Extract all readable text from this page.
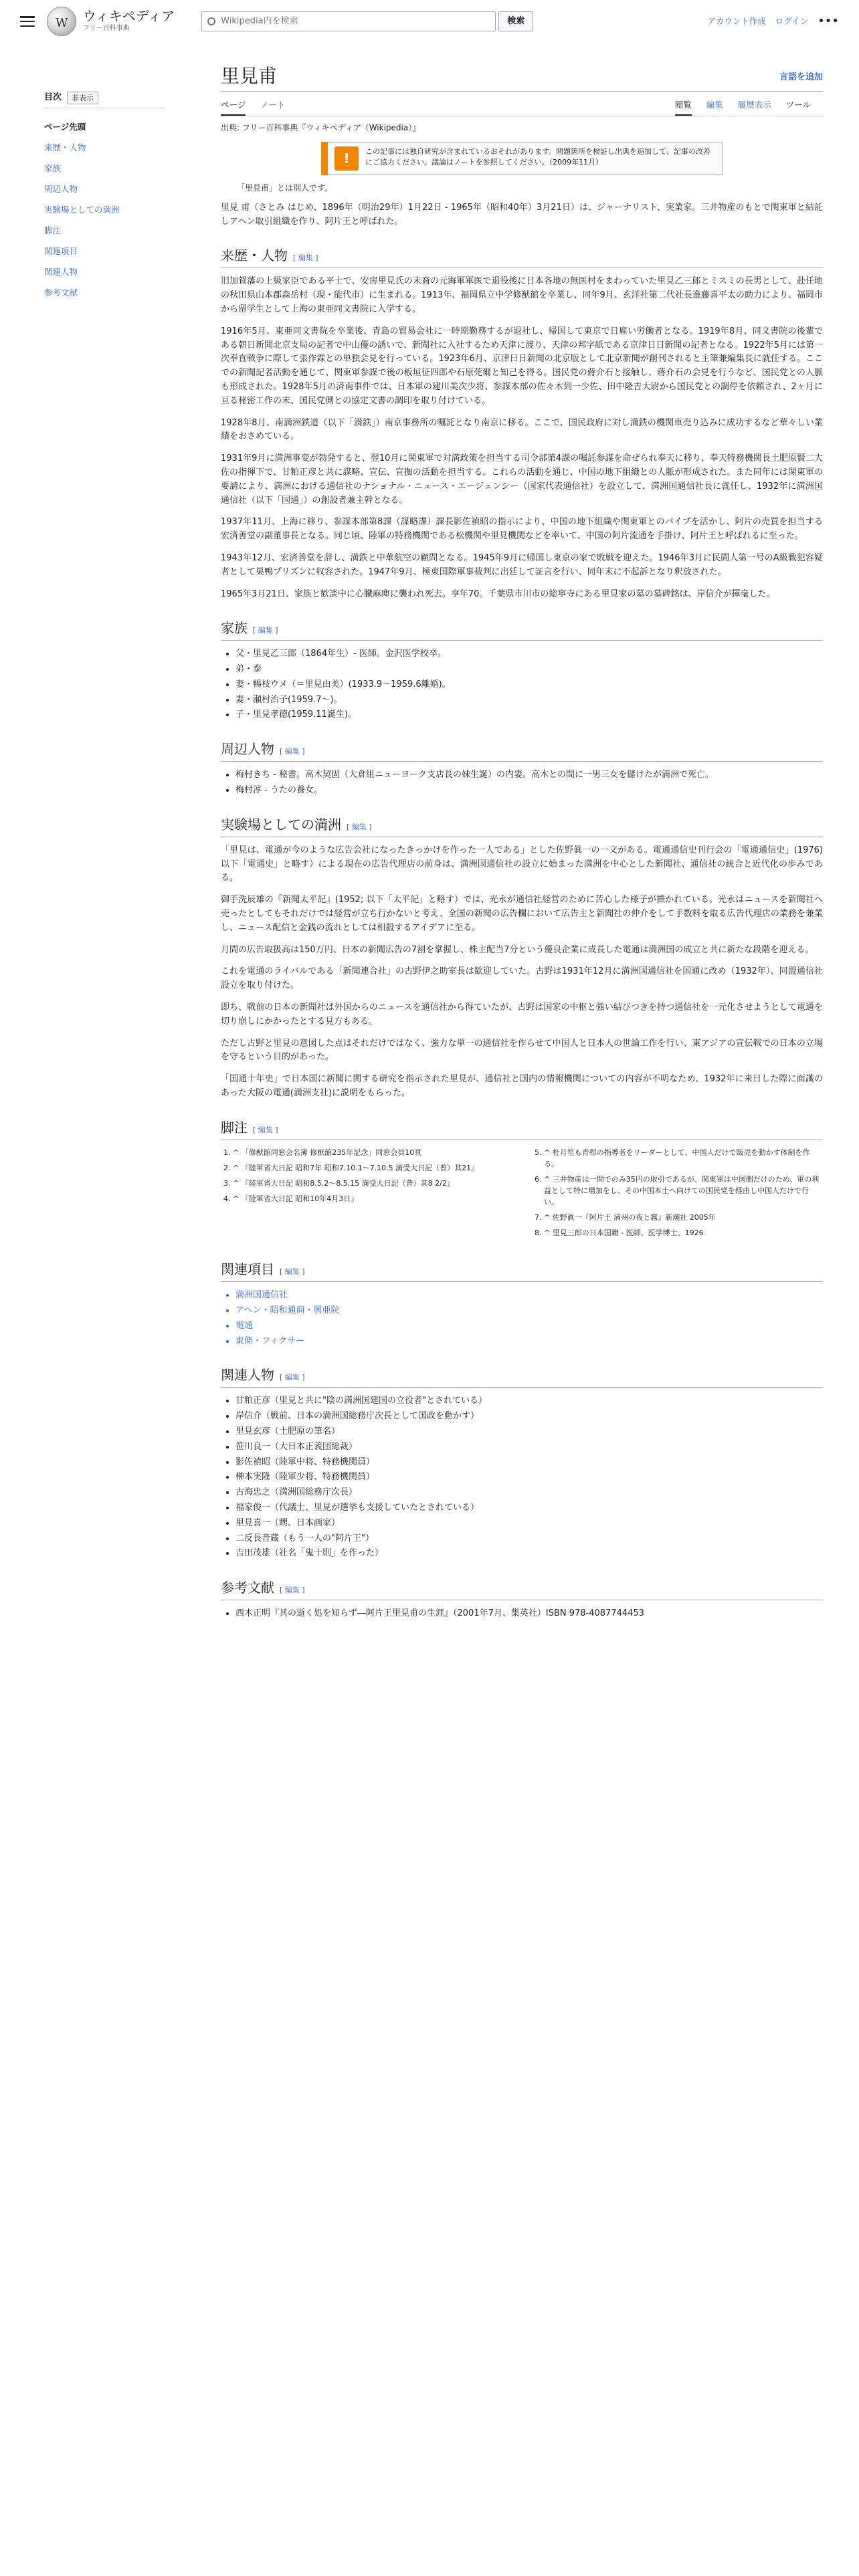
W
ウィキペディア
フリー百科事典
Wikipedia内を検索	検索	アカウント作成 ログイン •••
目次	非表示
ページ先頭
来歴・人物
家族
周辺人物
実験場としての満洲
脚注
関連項目
関連人物
参考文献
里見甫	言語を追加
ページ ノート	閲覧 編集 履歴表示 ツール
出典: フリー百科事典『ウィキペディア（Wikipedia）』
!	この記事には独自研究が含まれているおそれがあります。問題箇所を検証し出典を追加して、記事の改善にご協力ください。議論はノートを参照してください。（2009年11月）
「里見甫」とは別人です。

里見 甫（さとみ はじめ、1896年（明治29年）1月22日 - 1965年（昭和40年）3月21日）は、ジャーナリスト、実業家。三井物産のもとで関東軍と結託しアヘン取引組織を作り、阿片王と呼ばれた。

来歴・人物 [ 編集 ]

旧加賀藩の上級家臣である平士で、安房里見氏の末裔の元海軍軍医で退役後に日本各地の無医村をまわっていた里見乙三郎とミスミの長男として、赴任地の秋田県山本郡森岳村（現・能代市）に生まれる。1913年、福岡県立中学修猷館を卒業し、同年9月、玄洋社第二代社長進藤喜平太の助力により、福岡市から留学生として上海の東亜同文書院に入学する。

1916年5月、東亜同文書院を卒業後、青島の貿易会社に一時期勤務するが退社し、帰国して東京で日雇い労働者となる。1919年8月、同文書院の後輩である朝日新聞北京支局の記者で中山優の誘いで、新聞社に入社するため天津に渡り、天津の邦字紙である京津日日新聞の記者となる。1922年5月には第一次奉直戦争に際して張作霖との単独会見を行っている。1923年6月、京津日日新聞の北京版として北京新聞が創刊されると主筆兼編集長に就任する。ここでの新聞記者活動を通じて、関東軍参謀で後の板垣征四郎や石原莞爾と知己を得る。国民党の蔣介石と接触し、蔣介石の会見を行うなど、国民党との人脈も形成された。1928年5月の済南事件では、日本軍の建川美次少将、参謀本部の佐々木到一少佐、田中隆吉大尉から国民党との調停を依頼され、2ヶ月に亘る秘密工作の末、国民党側との協定文書の調印を取り付けている。

1928年8月、南満洲鉄道（以下「満鉄」）南京事務所の嘱託となり南京に移る。ここで、国民政府に対し満鉄の機関車売り込みに成功するなど華々しい業績をおさめている。

1931年9月に満洲事変が勃発すると、翌10月に関東軍で対満政策を担当する司令部第4課の嘱託参謀を命ぜられ奉天に移り、奉天特務機関長土肥原賢二大佐の指揮下で、甘粕正彦と共に謀略、宣伝、宣撫の活動を担当する。これらの活動を通じ、中国の地下組織との人脈が形成された。また同年には関東軍の要請により、満洲における通信社のナショナル・ニュース・エージェンシー（国家代表通信社）を設立して、満洲国通信社長に就任し、1932年に満洲国通信社（以下「国通」）の創設者兼主幹となる。

1937年11月、上海に移り、参謀本部第8課（謀略課）課長影佐禎昭の指示により、中国の地下組織や関東軍とのパイプを活かし、阿片の売買を担当する宏済善堂の副董事長となる。同じ頃、陸軍の特務機関である松機関や里見機関などを率いて、中国の阿片流通を手掛け、阿片王と呼ばれるに至った。

1943年12月、宏済善堂を辞し、満鉄と中華航空の顧問となる。1945年9月に帰国し東京の家で敗戦を迎えた。1946年3月に民間人第一号のA級戦犯容疑者として巣鴨プリズンに収容された。1947年9月、極東国際軍事裁判に出廷して証言を行い、同年末に不起訴となり釈放された。

1965年3月21日、家族と歓談中に心臓麻痺に襲われ死去。享年70。千葉県市川市の総寧寺にある里見家の墓の墓碑銘は、岸信介が揮毫した。

家族 [ 編集 ]
• 父・里見乙三郎（1864年生）- 医師。金沢医学校卒。
• 弟・泰
• 妻・暢枝ウメ（＝里見由美）(1933.9〜1959.6離婚)。
• 妻・瀬村治子(1959.7〜)。
• 子・里見孝徳(1959.11誕生)。
周辺人物 [ 編集 ]
• 梅村きち - 秘書。高木契固（大倉組ニューヨーク支店長の妹生誕）の内妻。高木との間に一男三女を儲けたが満洲で死亡。
• 梅村淳 - うたの養女。
実験場としての満洲 [ 編集 ]

「里見は、電通が今のような広告会社になったきっかけを作った一人である」とした佐野眞一の一文がある。電通通信史刊行会の「電通通信史」(1976) 以下「電通史」と略す）による現在の広告代理店の前身は、満洲国通信社の設立に始まった満洲を中心とした新聞社、通信社の統合と近代化の歩みである。

御手洗辰雄の『新聞太平記』(1952; 以下「太平記」と略す）では、光永が通信社経営のために苦心した様子が描かれている。光永はニュースを新聞社へ売ったとしてもそれだけでは経営が立ち行かないと考え、全国の新聞の広告欄において広告主と新聞社の仲介をして手数料を取る広告代理店の業務を兼業し、ニュース配信と金銭の流れとしては相殺するアイデアに至る。

月間の広告取扱高は150万円、日本の新聞広告の7割を掌握し、株主配当7分という優良企業に成長した電通は満洲国の成立と共に新たな段階を迎える。

これを電通のライバルである「新聞連合社」の古野伊之助室長は歓迎していた。古野は1931年12月に満洲国通信社を国通に改め（1932年）、同盟通信社設立を取り付けた。

即ち、戦前の日本の新聞社は外国からのニュースを通信社から得ていたが、古野は国家の中枢と強い結びつきを持つ通信社を一元化させようとして電通を切り崩しにかかったとする見方もある。

ただし古野と里見の意図した点はそれだけではなく、強力な単一の通信社を作らせて中国人と日本人の世論工作を行い、東アジアの宣伝戦での日本の立場を守るという目的があった。

「国通十年史」で日本国に新聞に関する研究を指示された里見が、通信社と国内の情報機関についての内容が不明なため、1932年に来日した際に面識のあった大阪の電通(満洲支社)に説明をもらった。

脚注 [ 編集 ]
1. ^ 「修猷館同窓会名簿 修猷館235年記念」同窓会員10頁
2. ^ 『陸軍省大日記 昭和7年 昭和7.10.1〜7.10.5 満受大日記（普）其21』
3. ^ 『陸軍省大日記 昭和8.5.2〜8.5.15 満受大日記（普）其8 2/2』
4. ^ 『陸軍省大日記 昭和10年4月3日』
5. ^ 杜月笙も青幇の指導者をリーダーとして、中国人だけで販売を動かす体制を作る。
6. ^ 三井物産は一問でのみ35円の取引であるが、関東軍は中国側だけのため、軍の利益として特に増加をし、その中国本土へ向けての国民党を経由し中国人だけで行い。
7. ^ 佐野眞一『阿片王 満州の夜と霧』新潮社 2005年
8. ^ 里見三郎の日本国籍 - 医師、医学博士。1926
関連項目 [ 編集 ]
• 満洲国通信社
• アヘン・昭和通商・興亜院
• 電通
• 東條・フィクサー
関連人物 [ 編集 ]
• 甘粕正彦（里見と共に"陰の満洲国建国の立役者"とされている）
• 岸信介（戦前、日本の満洲国総務庁次長として国政を動かす）
• 里見玄彦（土肥原の筆名）
• 笹川良一（大日本正義団総裁）
• 影佐禎昭（陸軍中将、特務機関員）
• 榊本実隆（陸軍少将、特務機関員）
• 古海忠之（満洲国総務庁次長）
• 福家俊一（代議士、里見が選挙も支援していたとされている）
• 里見喜一（甥、日本画家）
• 二反長音蔵（もう一人の"阿片王"）
• 吉田茂雄（社名「鬼十則」を作った）
参考文献 [ 編集 ]
• 西木正明『其の逝く処を知らず―阿片王里見甫の生涯』（2001年7月、集英社）ISBN 978-4087744453
